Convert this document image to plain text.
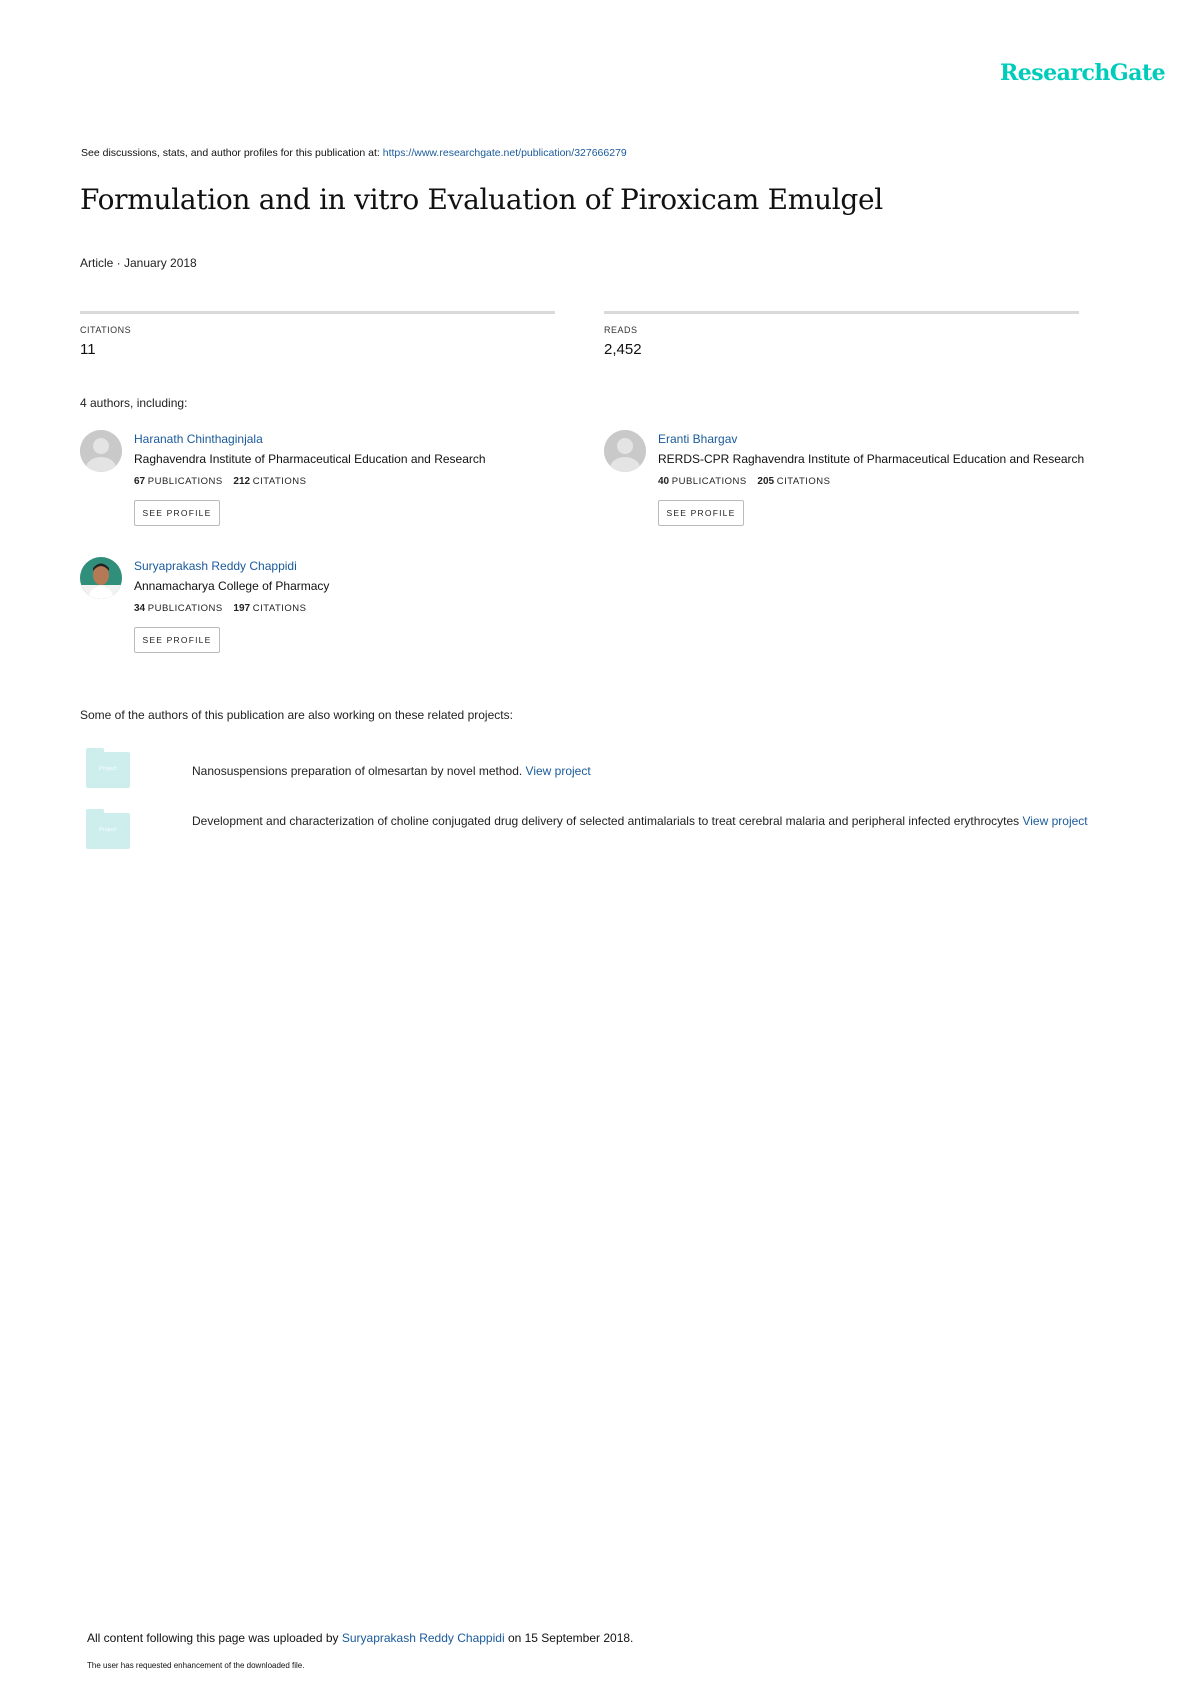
ResearchGate
See discussions, stats, and author profiles for this publication at: https://www.researchgate.net/publication/327666279
Formulation and in vitro Evaluation of Piroxicam Emulgel
Article · January 2018
CITATIONS
11
READS
2,452
4 authors, including:
Haranath Chinthaginjala
Raghavendra Institute of Pharmaceutical Education and Research
67 PUBLICATIONS 212 CITATIONS
SEE PROFILE
Eranti Bhargav
RERDS-CPR Raghavendra Institute of Pharmaceutical Education and Research
40 PUBLICATIONS 205 CITATIONS
SEE PROFILE
Suryaprakash Reddy Chappidi
Annamacharya College of Pharmacy
34 PUBLICATIONS 197 CITATIONS
SEE PROFILE
Some of the authors of this publication are also working on these related projects:
Project	Nanosuspensions preparation of olmesartan by novel method. View project
Project
Development and characterization of choline conjugated drug delivery of selected antimalarials to treat cerebral malaria and peripheral infected erythrocytes View project
All content following this page was uploaded by Suryaprakash Reddy Chappidi on 15 September 2018.
The user has requested enhancement of the downloaded file.
